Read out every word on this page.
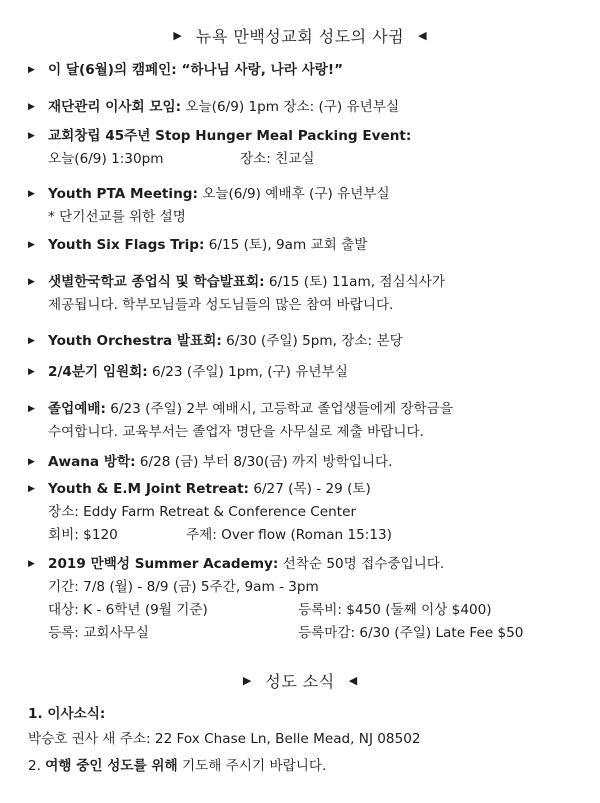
▶ 뉴욕 만백성교회 성도의 사귐 ◀
▶ 이 달(6월)의 캠페인: “하나님 사랑, 나라 사랑!”
▶ 재단관리 이사회 모임: 오늘(6/9) 1pm 장소: (구) 유년부실
▶ 교회창립 45주년 Stop Hunger Meal Packing Event:
오늘(6/9) 1:30pm	장소: 친교실
▶ Youth PTA Meeting: 오늘(6/9) 예배후 (구) 유년부실
* 단기선교를 위한 설명
▶ Youth Six Flags Trip: 6/15 (토), 9am 교회 출발
▶ 샛별한국학교 종업식 및 학습발표회: 6/15 (토) 11am, 점심식사가
제공됩니다. 학부모님들과 성도님들의 많은 참여 바랍니다.
▶ Youth Orchestra 발표회: 6/30 (주일) 5pm, 장소: 본당
▶ 2/4분기 임원회: 6/23 (주일) 1pm, (구) 유년부실
▶ 졸업예배: 6/23 (주일) 2부 예배시, 고등학교 졸업생들에게 장학금을
수여합니다. 교육부서는 졸업자 명단을 사무실로 제출 바랍니다.
▶ Awana 방학: 6/28 (금) 부터 8/30(금) 까지 방학입니다.
▶ Youth & E.M Joint Retreat: 6/27 (목) - 29 (토)
장소: Eddy Farm Retreat & Conference Center
회비: $120	주제: Over flow (Roman 15:13)
▶ 2019 만백성 Summer Academy: 선착순 50명 접수중입니다.
기간: 7/8 (월) - 8/9 (금) 5주간, 9am - 3pm
대상: K - 6학년 (9월 기준)	등록비: $450 (둘째 이상 $400)
등록: 교회사무실	등록마감: 6/30 (주일) Late Fee $50
▶ 성도 소식 ◀
1. 이사소식:
박승호 권사 새 주소: 22 Fox Chase Ln, Belle Mead, NJ 08502
2. 여행 중인 성도를 위해 기도해 주시기 바랍니다.
